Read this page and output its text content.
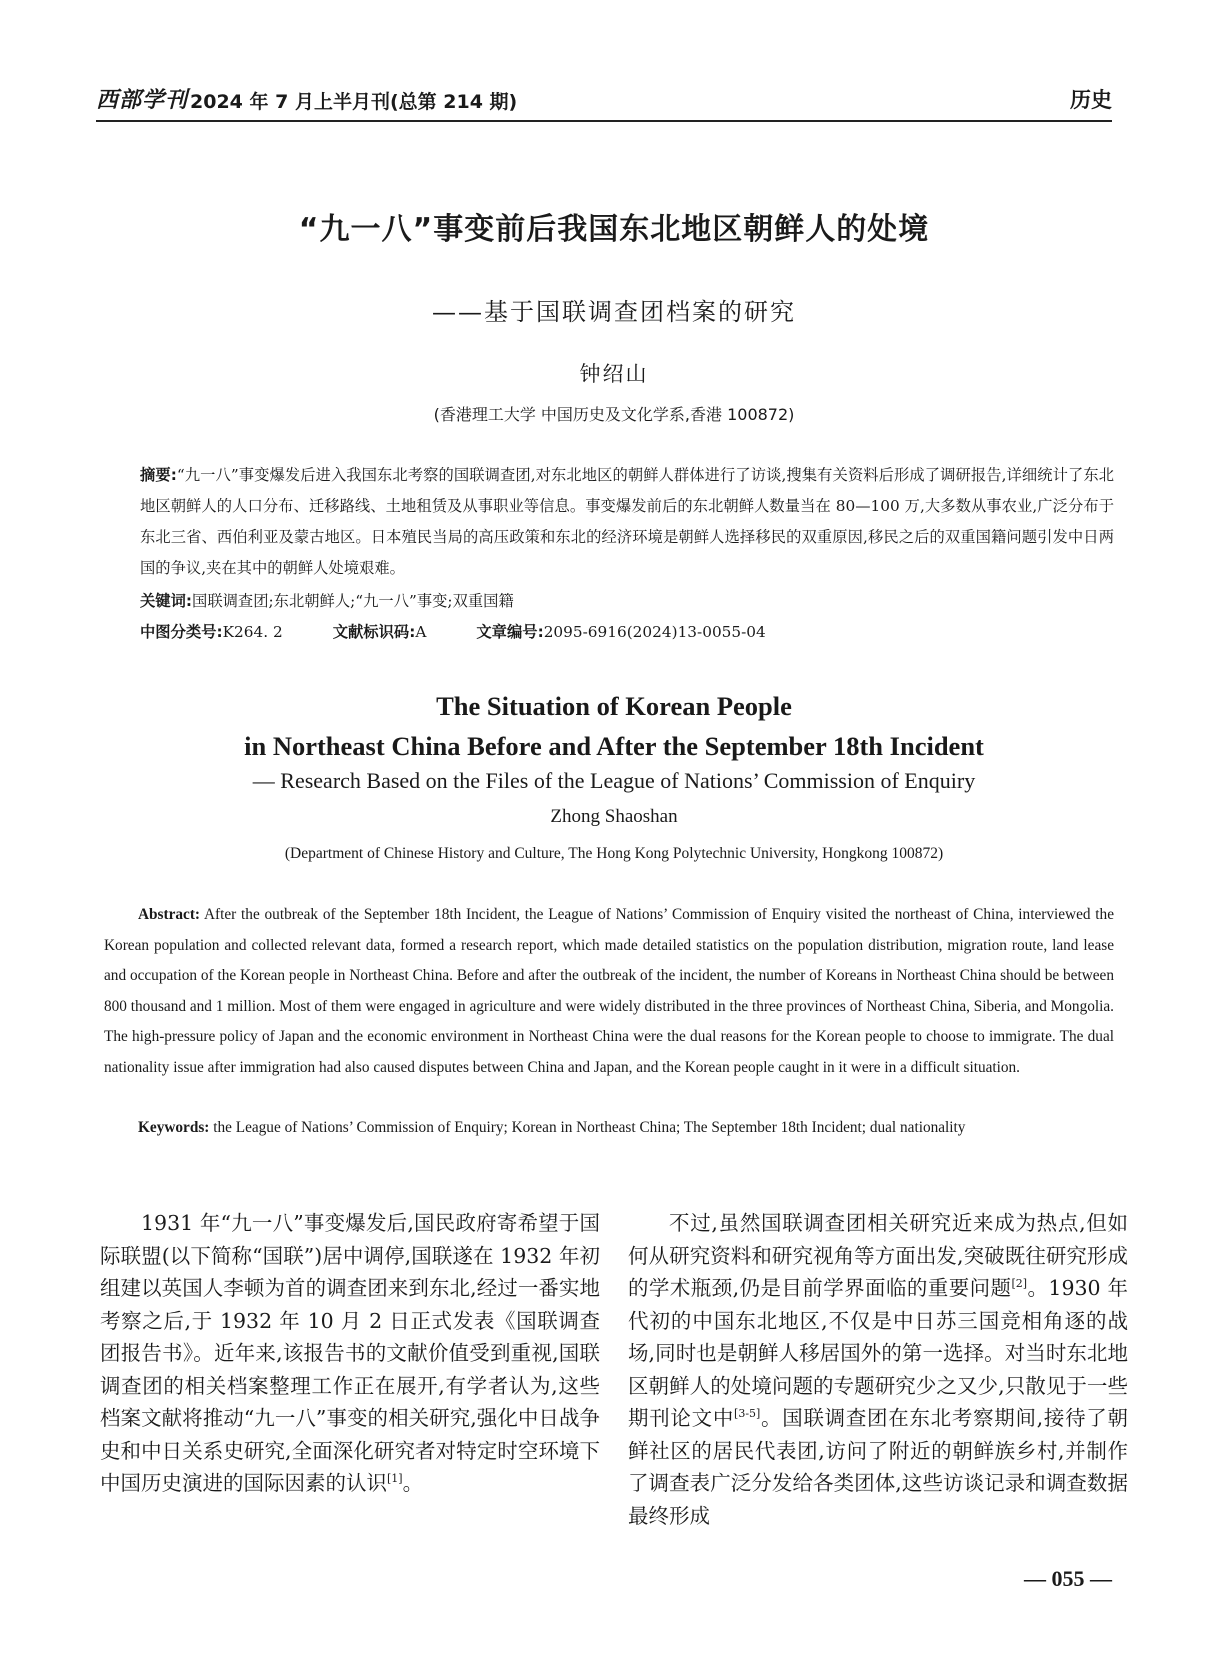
西部学刊 2024 年 7 月上半月刊(总第 214 期)	历史
“九一八”事变前后我国东北地区朝鲜人的处境
——基于国联调查团档案的研究
钟绍山
(香港理工大学 中国历史及文化学系,香港 100872)
摘要:“九一八”事变爆发后进入我国东北考察的国联调查团,对东北地区的朝鲜人群体进行了访谈,搜集有关资料后形成了调研报告,详细统计了东北地区朝鲜人的人口分布、迁移路线、土地租赁及从事职业等信息。事变爆发前后的东北朝鲜人数量当在 80—100 万,大多数从事农业,广泛分布于东北三省、西伯利亚及蒙古地区。日本殖民当局的高压政策和东北的经济环境是朝鲜人选择移民的双重原因,移民之后的双重国籍问题引发中日两国的争议,夹在其中的朝鲜人处境艰难。
关键词:国联调查团;东北朝鲜人;“九一八”事变;双重国籍
中图分类号:K264. 2	文献标识码:A	文章编号:2095-6916(2024)13-0055-04
The Situation of Korean People
in Northeast China Before and After the September 18th Incident
— Research Based on the Files of the League of Nations’ Commission of Enquiry
Zhong Shaoshan
(Department of Chinese History and Culture, The Hong Kong Polytechnic University, Hongkong 100872)
Abstract: After the outbreak of the September 18th Incident, the League of Nations’ Commission of Enquiry visited the northeast of China, interviewed the Korean population and collected relevant data, formed a research report, which made detailed statistics on the population distribution, migration route, land lease and occupation of the Korean people in Northeast China. Before and after the outbreak of the incident, the number of Koreans in Northeast China should be between 800 thousand and 1 million. Most of them were engaged in agriculture and were widely distributed in the three provinces of Northeast China, Siberia, and Mongolia. The high-pressure policy of Japan and the economic environment in Northeast China were the dual reasons for the Korean people to choose to immigrate. The dual nationality issue after immigration had also caused disputes between China and Japan, and the Korean people caught in it were in a difficult situation.
Keywords: the League of Nations’ Commission of Enquiry; Korean in Northeast China; The September 18th Incident; dual nationality
1931 年“九一八”事变爆发后,国民政府寄希望于国际联盟(以下简称“国联”)居中调停,国联遂在 1932 年初组建以英国人李顿为首的调查团来到东北,经过一番实地考察之后,于 1932 年 10 月 2 日正式发表《国联调查团报告书》。近年来,该报告书的文献价值受到重视,国联调查团的相关档案整理工作正在展开,有学者认为,这些档案文献将推动“九一八”事变的相关研究,强化中日战争史和中日关系史研究,全面深化研究者对特定时空环境下中国历史演进的国际因素的认识[1]。
不过,虽然国联调查团相关研究近来成为热点,但如何从研究资料和研究视角等方面出发,突破既往研究形成的学术瓶颈,仍是目前学界面临的重要问题[2]。1930 年代初的中国东北地区,不仅是中日苏三国竞相角逐的战场,同时也是朝鲜人移居国外的第一选择。对当时东北地区朝鲜人的处境问题的专题研究少之又少,只散见于一些期刊论文中[3-5]。国联调查团在东北考察期间,接待了朝鲜社区的居民代表团,访问了附近的朝鲜族乡村,并制作了调查表广泛分发给各类团体,这些访谈记录和调查数据最终形成
— 055 —
